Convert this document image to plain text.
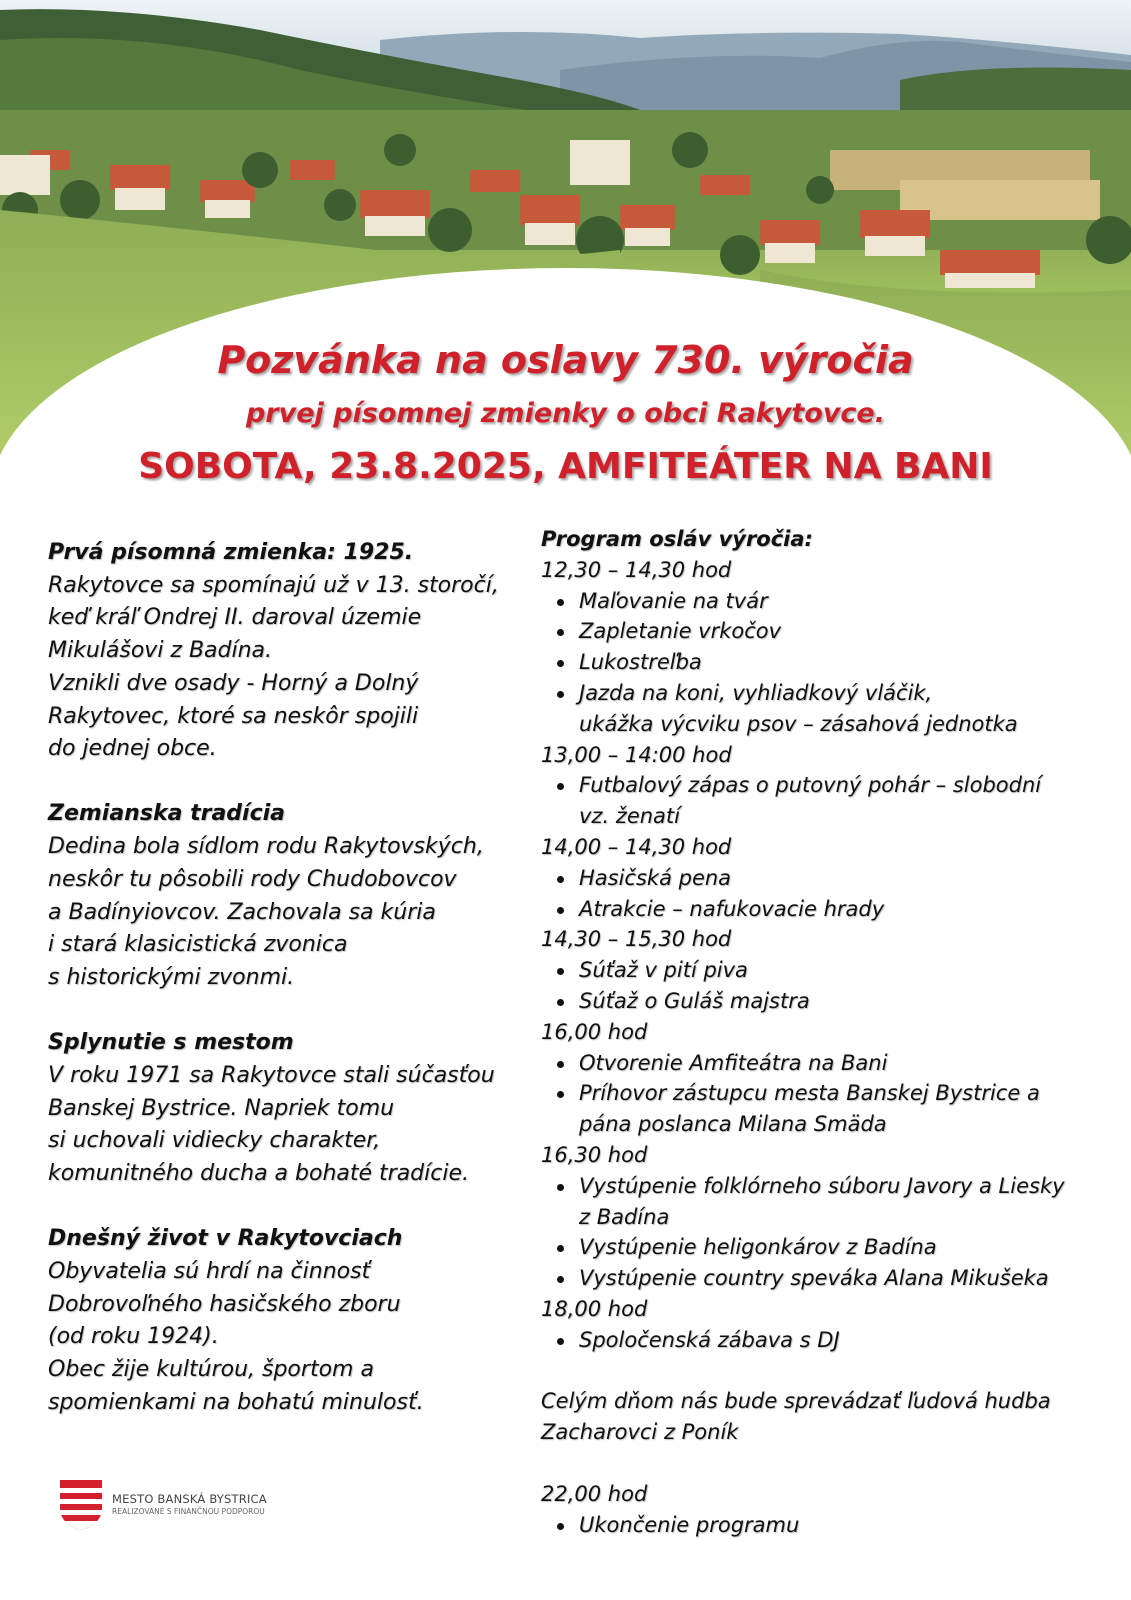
Pozvánka na oslavy 730. výročia
prvej písomnej zmienky o obci Rakytovce.
SOBOTA, 23.8.2025, AMFITEÁTER NA BANI

Prvá písomná zmienka: 1925.
Rakytovce sa spomínajú už v 13. storočí,
keď kráľ Ondrej II. daroval územie
Mikulášovi z Badína.
Vznikli dve osady - Horný a Dolný
Rakytovec, ktoré sa neskôr spojili
do jednej obce.

Zemianska tradícia
Dedina bola sídlom rodu Rakytovských,
neskôr tu pôsobili rody Chudobovcov
a Badínyiovcov. Zachovala sa kúria
i stará klasicistická zvonica
s historickými zvonmi.

Splynutie s mestom
V roku 1971 sa Rakytovce stali súčasťou
Banskej Bystrice. Napriek tomu
si uchovali vidiecky charakter,
komunitného ducha a bohaté tradície.

Dnešný život v Rakytovciach
Obyvatelia sú hrdí na činnosť
Dobrovoľného hasičského zboru
(od roku 1924).
Obec žije kultúrou, športom a
spomienkami na bohatú minulosť.

Program osláv výročia:
12,30 – 14,30 hod
Maľovanie na tvár
Zapletanie vrkočov
Lukostreľba
Jazda na koni, vyhliadkový vláčik,
ukážka výcviku psov – zásahová jednotka
13,00 – 14:00 hod
Futbalový zápas o putovný pohár – slobodní
vz. ženatí
14,00 – 14,30 hod
Hasičská pena
Atrakcie – nafukovacie hrady
14,30 – 15,30 hod
Súťaž v pití piva
Súťaž o Guláš majstra
16,00 hod
Otvorenie Amfiteátra na Bani
Príhovor zástupcu mesta Banskej Bystrice a
pána poslanca Milana Smäda
16,30 hod
Vystúpenie folklórneho súboru Javory a Liesky
z Badína
Vystúpenie heligonkárov z Badína
Vystúpenie country speváka Alana Mikušeka
18,00 hod
Spoločenská zábava s DJ
Celým dňom nás bude sprevádzať ľudová hudba
Zacharovci z Poník
22,00 hod
Ukončenie programu
MESTO BANSKÁ BYSTRICA
REALIZOVANÉ S FINANČNOU PODPOROU
